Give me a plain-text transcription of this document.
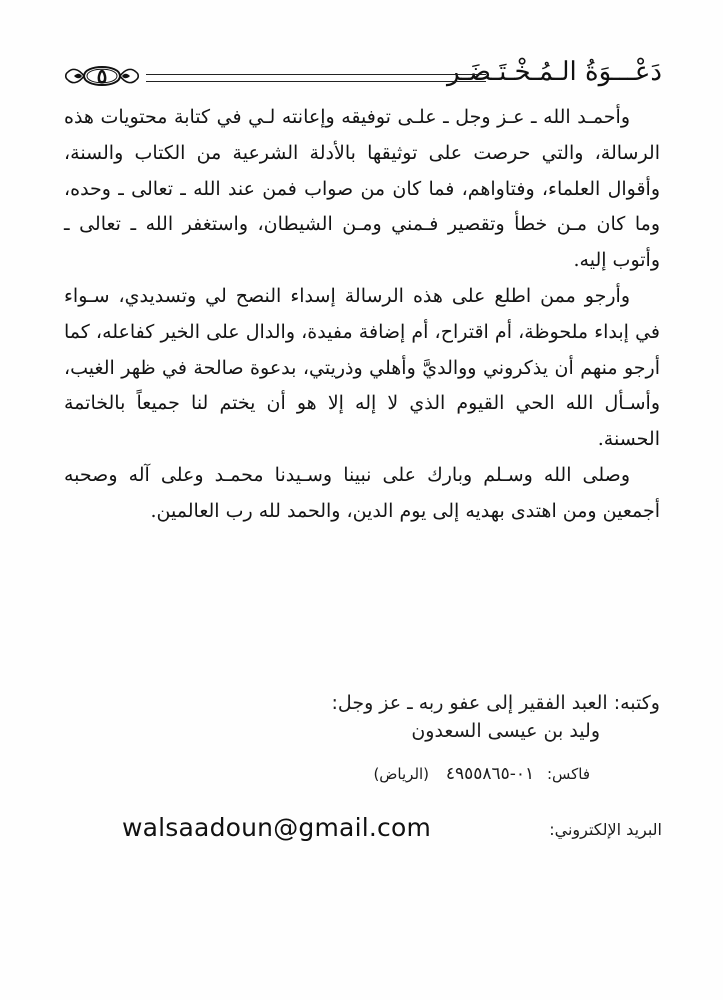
دَعْـــوَةُ الـمُـخْـتَـضَـر
٥

وأحمـد الله ـ عـز وجل ـ علـى توفيقه وإعانته لـي في كتابة محتويات هذه الرسالة، والتي حرصت على توثيقها بالأدلة الشرعية من الكتاب والسنة، وأقوال العلماء، وفتاواهم، فما كان من صواب فمن عند الله ـ تعالى ـ وحده، وما كان مـن خطأ وتقصير فـمني ومـن الشيطان، واستغفر الله ـ تعالى ـ وأتوب إليه.

وأرجو ممن اطلع على هذه الرسالة إسداء النصح لي وتسديدي، سـواء في إبداء ملحوظة، أم اقتراح، أم إضافة مفيدة، والدال على الخير كفاعله، كما أرجو منهم أن يذكروني ووالديَّ وأهلي وذريتي، بدعوة صالحة في ظهر الغيب، وأسـأل الله الحي القيوم الذي لا إله إلا هو أن يختم لنا جميعاً بالخاتمة الحسنة.

وصلى الله وسـلم وبارك على نبينا وسـيدنا محمـد وعلى آله وصحبه أجمعين ومن اهتدى بهديه إلى يوم الدين، والحمد لله رب العالمين.

وكتبه: العبد الفقير إلى عفو ربه ـ عز وجل:
وليد بن عيسى السعدون
فاكس: ٠١-٤٩٥٥٨٦٥ (الرياض)
البريد الإلكتروني:
walsaadoun@gmail.com
